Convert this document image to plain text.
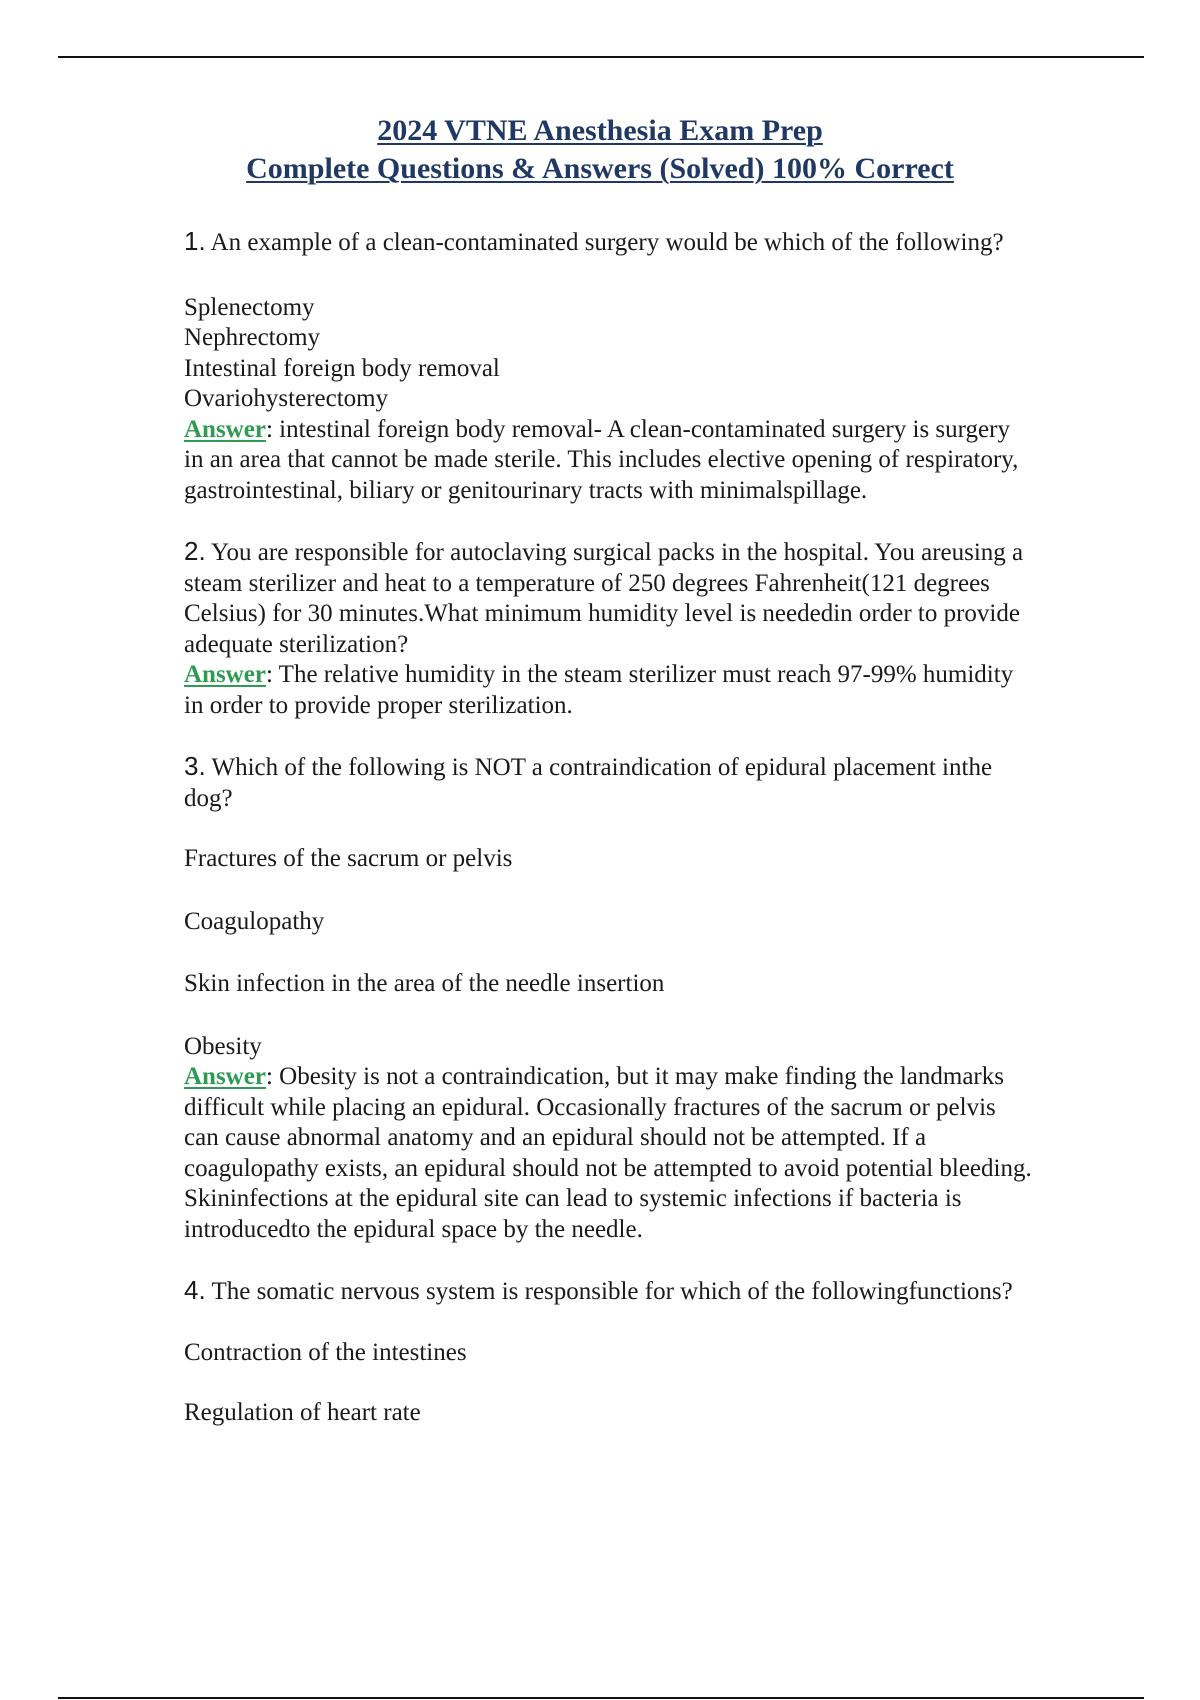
2024 VTNE Anesthesia Exam Prep
Complete Questions & Answers (Solved) 100% Correct
1. An example of a clean-contaminated surgery would be which of the following?
Splenectomy
Nephrectomy
Intestinal foreign body removal
Ovariohysterectomy
Answer: intestinal foreign body removal- A clean-contaminated surgery is surgery
in an area that cannot be made sterile. This includes elective opening of respiratory,
gastrointestinal, biliary or genitourinary tracts with minimalspillage.
2. You are responsible for autoclaving surgical packs in the hospital. You areusing a
steam sterilizer and heat to a temperature of 250 degrees Fahrenheit(121 degrees
Celsius) for 30 minutes.What minimum humidity level is neededin order to provide
adequate sterilization?
Answer: The relative humidity in the steam sterilizer must reach 97-99% humidity
in order to provide proper sterilization.
3. Which of the following is NOT a contraindication of epidural placement inthe
dog?
Fractures of the sacrum or pelvis
Coagulopathy
Skin infection in the area of the needle insertion
Obesity
Answer: Obesity is not a contraindication, but it may make finding the landmarks
difficult while placing an epidural. Occasionally fractures of the sacrum or pelvis
can cause abnormal anatomy and an epidural should not be attempted. If a
coagulopathy exists, an epidural should not be attempted to avoid potential bleeding.
Skininfections at the epidural site can lead to systemic infections if bacteria is
introducedto the epidural space by the needle.
4. The somatic nervous system is responsible for which of the followingfunctions?
Contraction of the intestines
Regulation of heart rate
